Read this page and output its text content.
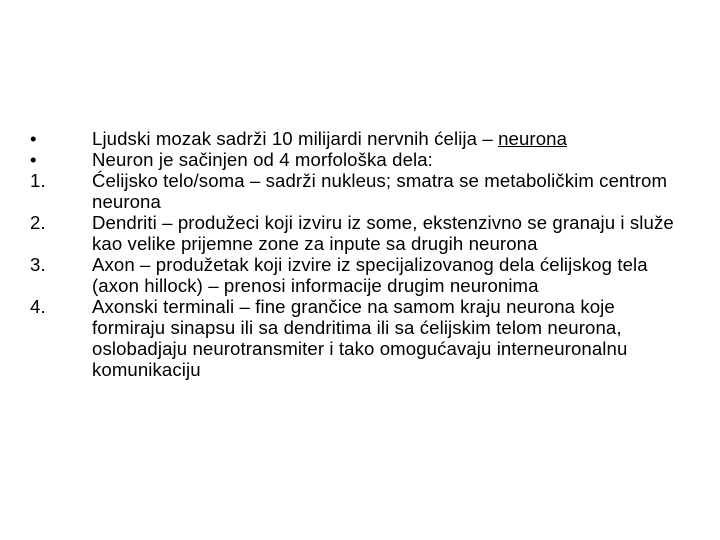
•	Ljudski mozak sadrži 10 milijardi nervnih ćelija – neurona
•	Neuron je sačinjen od 4 morfološka dela:
1.	Ćelijsko telo/soma – sadrži nukleus; smatra se metaboličkim centrom neurona
2.	Dendriti – produžeci koji izviru iz some, ekstenzivno se granaju i služe kao velike prijemne zone za inpute sa drugih neurona
3.	Axon – produžetak koji izvire iz specijalizovanog dela ćelijskog tela (axon hillock) – prenosi informacije drugim neuronima
4.	Axonski terminali – fine grančice na samom kraju neurona koje formiraju sinapsu ili sa dendritima ili sa ćelijskim telom neurona, oslobadjaju neurotransmiter i tako omogućavaju interneuronalnu komunikaciju
